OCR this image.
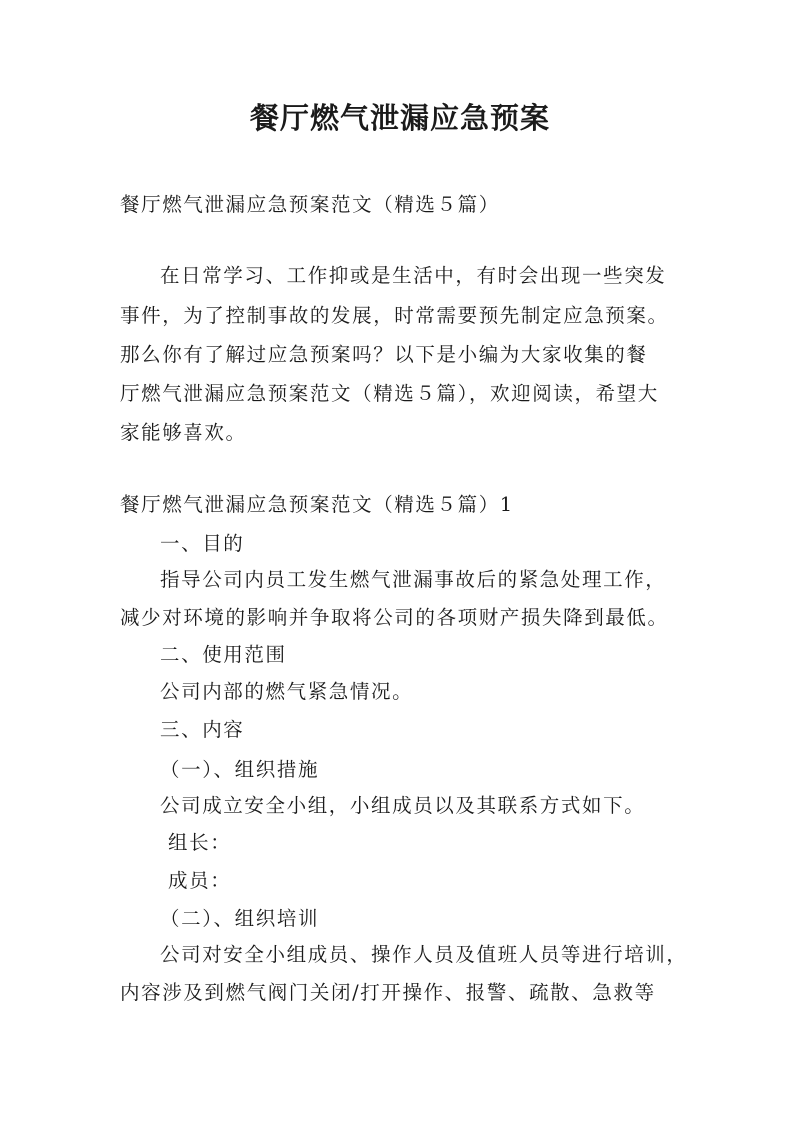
餐厅燃气泄漏应急预案
餐厅燃气泄漏应急预案范文（精选５篇）
在日常学习、工作抑或是生活中，有时会出现一些突发
事件，为了控制事故的发展，时常需要预先制定应急预案。
那么你有了解过应急预案吗？以下是小编为大家收集的餐
厅燃气泄漏应急预案范文（精选５篇），欢迎阅读，希望大
家能够喜欢。
餐厅燃气泄漏应急预案范文（精选５篇）1
一、目的
指导公司内员工发生燃气泄漏事故后的紧急处理工作，
减少对环境的影响并争取将公司的各项财产损失降到最低。
二、使用范围
公司内部的燃气紧急情况。
三、内容
（一）、组织措施
公司成立安全小组，小组成员以及其联系方式如下。
组长：
成员：
（二）、组织培训
公司对安全小组成员、操作人员及值班人员等进行培训，
内容涉及到燃气阀门关闭/打开操作、报警、疏散、急救等
